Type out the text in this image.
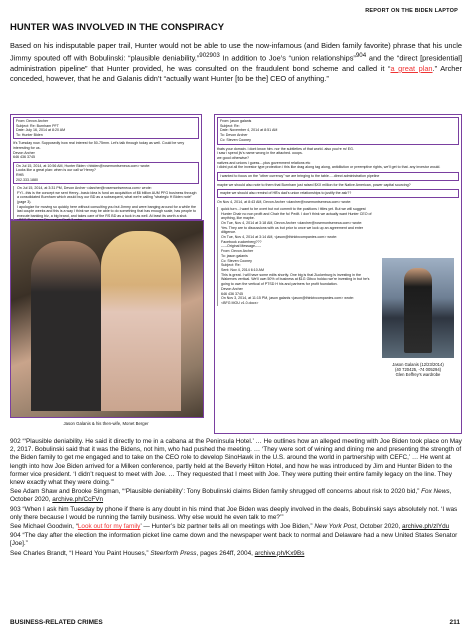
REPORT ON THE BIDEN LAPTOP
HUNTER WAS INVOLVED IN THE CONSPIRACY
Based on his indisputable paper trail, Hunter would not be able to use the now-infamous (and Biden family favorite) phrase that his uncle Jimmy spouted off with Bobulinski: “plausible deniability.”$^{902903}$ In addition to Joe’s “union relationships”$^{904}$ and the “direct [presidential] administration pipeline” that Hunter provided, he was consulted on the fraudulent bond scheme and called it “a great plan.” Archer conceded, however, that he and Galanis didn’t “actually want Hunter [to be the] CEO of anything.”
From: Devon Archer
Subject: Re: Burnham PFT
Date: July 16, 2014 at 8:20 AM
To: Hunter Biden
It's Tuesday now. Supposedly how real interest for 50-75mm. Let's talk through today as well. Could be very interesting for us.
Devon Archer
646 436 3745
On Jul 15, 2014, at 10:56 AM, Hunter Biden <hbiden@rosemontseneca.com> wrote:
Looks like a great plan: when is our call w/ Henry?
RHB
202.333.1880
On Jul 15, 2014, at 3:31 PM, Devon Archer <darcher@rosemontseneca.com> wrote:
FYI...this is the concept we sent Henry...basic idea is fund an acquisition of $6 billion AUM PFG business through a consolidated Burnham which would buy our BD as a subsequent, what we're calling "strategic H Biden note" (page 3).
I apologize for moving so quickly here without consulting you but Jimmy and were banging around for a while the last couple weeks and this is a way I think we may be able to do something that has enough scale, has people to execute banking biz, a big brand, and takes care of the RS BD as a tuck in as well. At least its worth a shot.
Jason Galanis & his then-wife, Monet Berger
From: jason galanis
Subject: Re:
Date: November 4, 2014 at 8:51 AM
To: Devon Archer
Cc: Steven Cooney
thats your domain. i dont know him. nor the subtleties of that world. also you're m/ EG.
i saw i spend jiv's name wrong in the attached. ooops.
we good otherwise?
natives and unions i guess....plus government relations etc
i didnt put all the investor type protection i this like drag along tag along, antidilution or preemptive rights, we'll get to that. any investor would.
i wanted to focus on the "other currency" we are bringing to the table.....direct administration pipeline
maybe we should also note to them that Burnham just raised $XX million for the Native American, power capital sourcing?
maybe we should also remind of HB's dad's union relationships to justify the ask??
On Nov 4, 2014, at 8:43 AM, Devon Archer <darcher@rosemontseneca.com> wrote:
quick turn...I want to be overt but not commit to the positions / titles yet. But we will suggest Hunter Chair no non profit and Chair the fo/ PedIt. I don't think we actually want Hunter CEO of anything, like maybe.
On Tue, Nov 4, 2014 at 3:18 AM, Devon Archer <darcher@rosemontseneca.com> wrote:
Yes. They are to discussions with us but prior to once we lock up an agreement and enter diligence.
On Tue, Nov 4, 2014 at 3:14 AM, <jason@thinktxcompanies.com> wrote:
Facebook zuckerberg???
-----Original Message-----
From: Devon Archer
To: jason galanis
Cc: Steven Cooney
Subject: Re:
Sent: Nov 4, 2014 6:10 AM
This is great. I will have some edits shortly. One big is that Zuckerburg is investing in the Wakerves vertical. We'll own 50% of business at $1G Gibco holdco we're investing in but he's going to own the vertical of PTSD H his and partners for profit foundation.
Devon Archer
646 436 3745
On Nov 3, 2014, at 11:15 PM, jason galanis <jason@thinktxcompanies.com> wrote:
<BFG MOU v1.0.docx>
Jason Galanis (12/23/2014)
(40 720425, -74 005294)
Glen Eeffrey's wardrobe

902 “‘Plausible deniability. He said it directly to me in a cabana at the Peninsula Hotel.’ … He outlines how an alleged meeting with Joe Biden took place on May 2, 2017. Bobulinski said that it was the Bidens, not him, who had pushed the meeting. … ‘They were sort of wining and dining me and presenting the strength of the Biden family to get me engaged and to take on the CEO role to develop SinoHawk in the U.S. around the world in partnership with CEFC,’ … He went at length into how Joe Biden arrived for a Milken conference, partly held at the Beverly Hilton Hotel, and how he was introduced by Jim and Hunter Biden to the former vice president. ‘I didn’t request to meet with Joe. … They requested that I meet with Joe. They were putting their entire family legacy on the line. They knew exactly what they were doing.’”

See Adam Shaw and Brooke Singman, “‘Plausible deniability’: Tony Bobulinski claims Biden family shrugged off concerns about risk to 2020 bid,” Fox News, October 2020, archive.ph/CcFVn

903 “When I ask him Tuesday by phone if there is any doubt in his mind that Joe Biden was deeply involved in the deals, Bobulinski says absolutely not. ‘I was only there because I would be running the family business. Why else would he even talk to me?’”

See Michael Goodwin, “Look out for my family’ — Hunter’s biz partner tells all on meetings with Joe Biden,” New York Post, October 2020, archive.ph/zlYdu

904 “The day after the election the information picket line came down and the newspaper went back to normal and Delaware had a new United States Senator [Joe].”

See Charles Brandt, “I Heard You Paint Houses,” Steerforth Press, pages 264ff, 2004, archive.ph/Kx9Bs

BUSINESS-RELATED CRIMES	211
